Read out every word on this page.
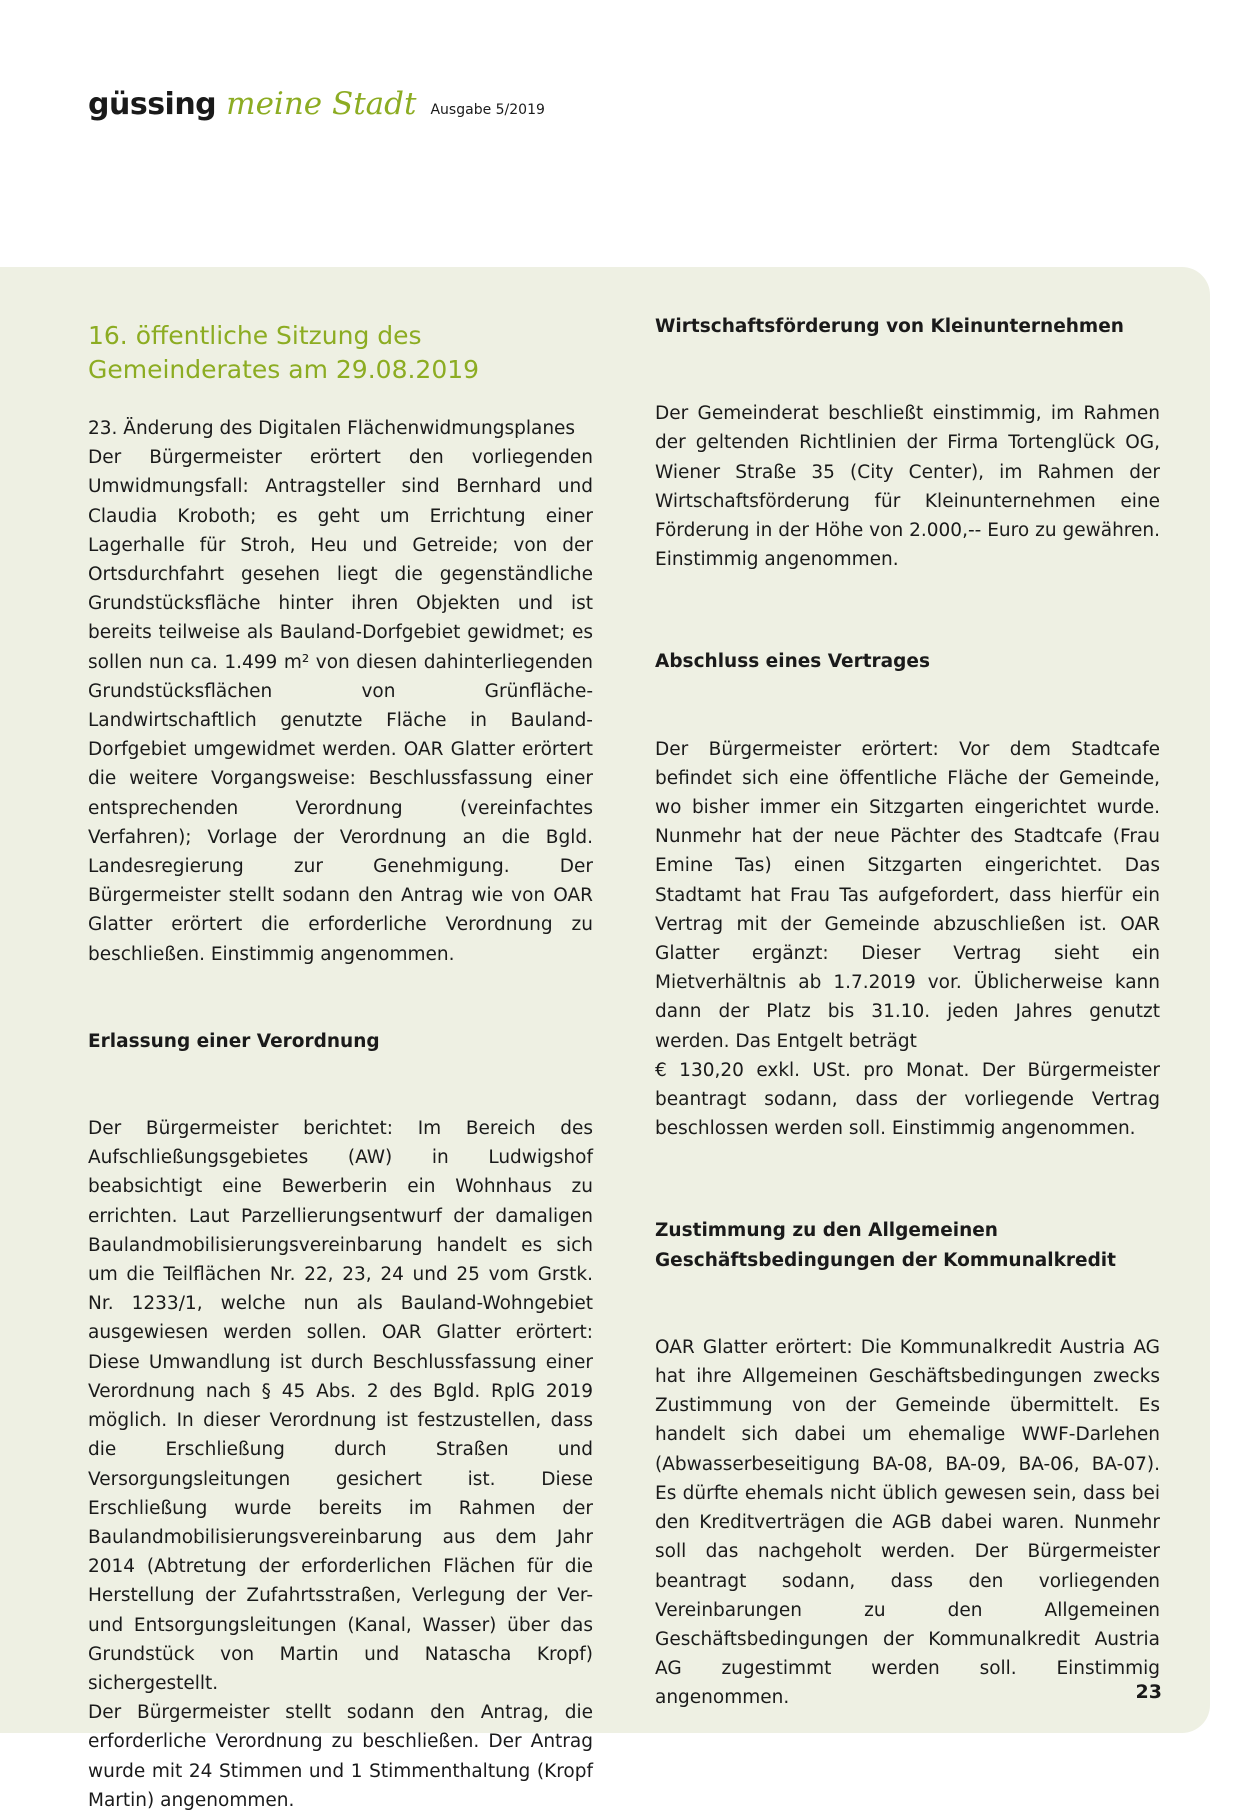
güssing meine Stadt Ausgabe 5/2019
16. öffentliche Sitzung des Gemeinderates am 29.08.2019

23. Änderung des Digitalen Flächenwidmungsplanes

Der Bürgermeister erörtert den vorliegenden Umwidmungsfall: Antragsteller sind Bernhard und Claudia Kroboth; es geht um Errichtung einer Lagerhalle für Stroh, Heu und Getreide; von der Ortsdurchfahrt gesehen liegt die gegenständliche Grundstücksfläche hinter ihren Objekten und ist bereits teilweise als Bauland-Dorfgebiet gewidmet; es sollen nun ca. 1.499 m² von diesen dahinterliegenden Grundstücksflächen von Grünfläche-Landwirtschaftlich genutzte Fläche in Bauland-Dorfgebiet umgewidmet werden. OAR Glatter erörtert die weitere Vorgangsweise: Beschlussfassung einer entsprechenden Verordnung (vereinfachtes Verfahren); Vorlage der Verordnung an die Bgld. Landesregierung zur Genehmigung. Der Bürgermeister stellt sodann den Antrag wie von OAR Glatter erörtert die erforderliche Verordnung zu beschließen. Einstimmig angenommen.

Erlassung einer Verordnung

Der Bürgermeister berichtet: Im Bereich des Aufschließungsgebietes (AW) in Ludwigshof beabsichtigt eine Bewerberin ein Wohnhaus zu errichten. Laut Parzellierungsentwurf der damaligen Baulandmobilisierungsvereinbarung handelt es sich um die Teilflächen Nr. 22, 23, 24 und 25 vom Grstk. Nr. 1233/1, welche nun als Bauland-Wohngebiet ausgewiesen werden sollen. OAR Glatter erörtert: Diese Umwandlung ist durch Beschlussfassung einer Verordnung nach § 45 Abs. 2 des Bgld. RplG 2019 möglich. In dieser Verordnung ist festzustellen, dass die Erschließung durch Straßen und Versorgungsleitungen gesichert ist. Diese Erschließung wurde bereits im Rahmen der Baulandmobilisierungsvereinbarung aus dem Jahr 2014 (Abtretung der erforderlichen Flächen für die Herstellung der Zufahrtsstraßen, Verlegung der Ver- und Entsorgungsleitungen (Kanal, Wasser) über das Grundstück von Martin und Natascha Kropf) sichergestellt.

Der Bürgermeister stellt sodann den Antrag, die erforderliche Verordnung zu beschließen. Der Antrag wurde mit 24 Stimmen und 1 Stimmenthaltung (Kropf Martin) angenommen.

Wirtschaftsförderung von Kleinunternehmen

Der Gemeinderat beschließt einstimmig, im Rahmen der geltenden Richtlinien der Firma Tortenglück OG, Wiener Straße 35 (City Center), im Rahmen der Wirtschaftsförderung für Kleinunternehmen eine Förderung in der Höhe von 2.000,-- Euro zu gewähren. Einstimmig angenommen.

Abschluss eines Vertrages

Der Bürgermeister erörtert: Vor dem Stadtcafe befindet sich eine öffentliche Fläche der Gemeinde, wo bisher immer ein Sitzgarten eingerichtet wurde. Nunmehr hat der neue Pächter des Stadtcafe (Frau Emine Tas) einen Sitzgarten eingerichtet. Das Stadtamt hat Frau Tas aufgefordert, dass hierfür ein Vertrag mit der Gemeinde abzuschließen ist. OAR Glatter ergänzt: Dieser Vertrag sieht ein Mietverhältnis ab 1.7.2019 vor. Üblicherweise kann dann der Platz bis 31.10. jeden Jahres genutzt werden. Das Entgelt beträgt

€ 130,20 exkl. USt. pro Monat. Der Bürgermeister beantragt sodann, dass der vorliegende Vertrag beschlossen werden soll. Einstimmig angenommen.

Zustimmung zu den Allgemeinen Geschäftsbedingungen der Kommunalkredit

OAR Glatter erörtert: Die Kommunalkredit Austria AG hat ihre Allgemeinen Geschäftsbedingungen zwecks Zustimmung von der Gemeinde übermittelt. Es handelt sich dabei um ehemalige WWF-Darlehen (Abwasserbeseitigung BA-08, BA-09, BA-06, BA-07). Es dürfte ehemals nicht üblich gewesen sein, dass bei den Kreditverträgen die AGB dabei waren. Nunmehr soll das nachgeholt werden. Der Bürgermeister beantragt sodann, dass den vorliegenden Vereinbarungen zu den Allgemeinen Geschäftsbedingungen der Kommunalkredit Austria AG zugestimmt werden soll. Einstimmig angenommen.	23
